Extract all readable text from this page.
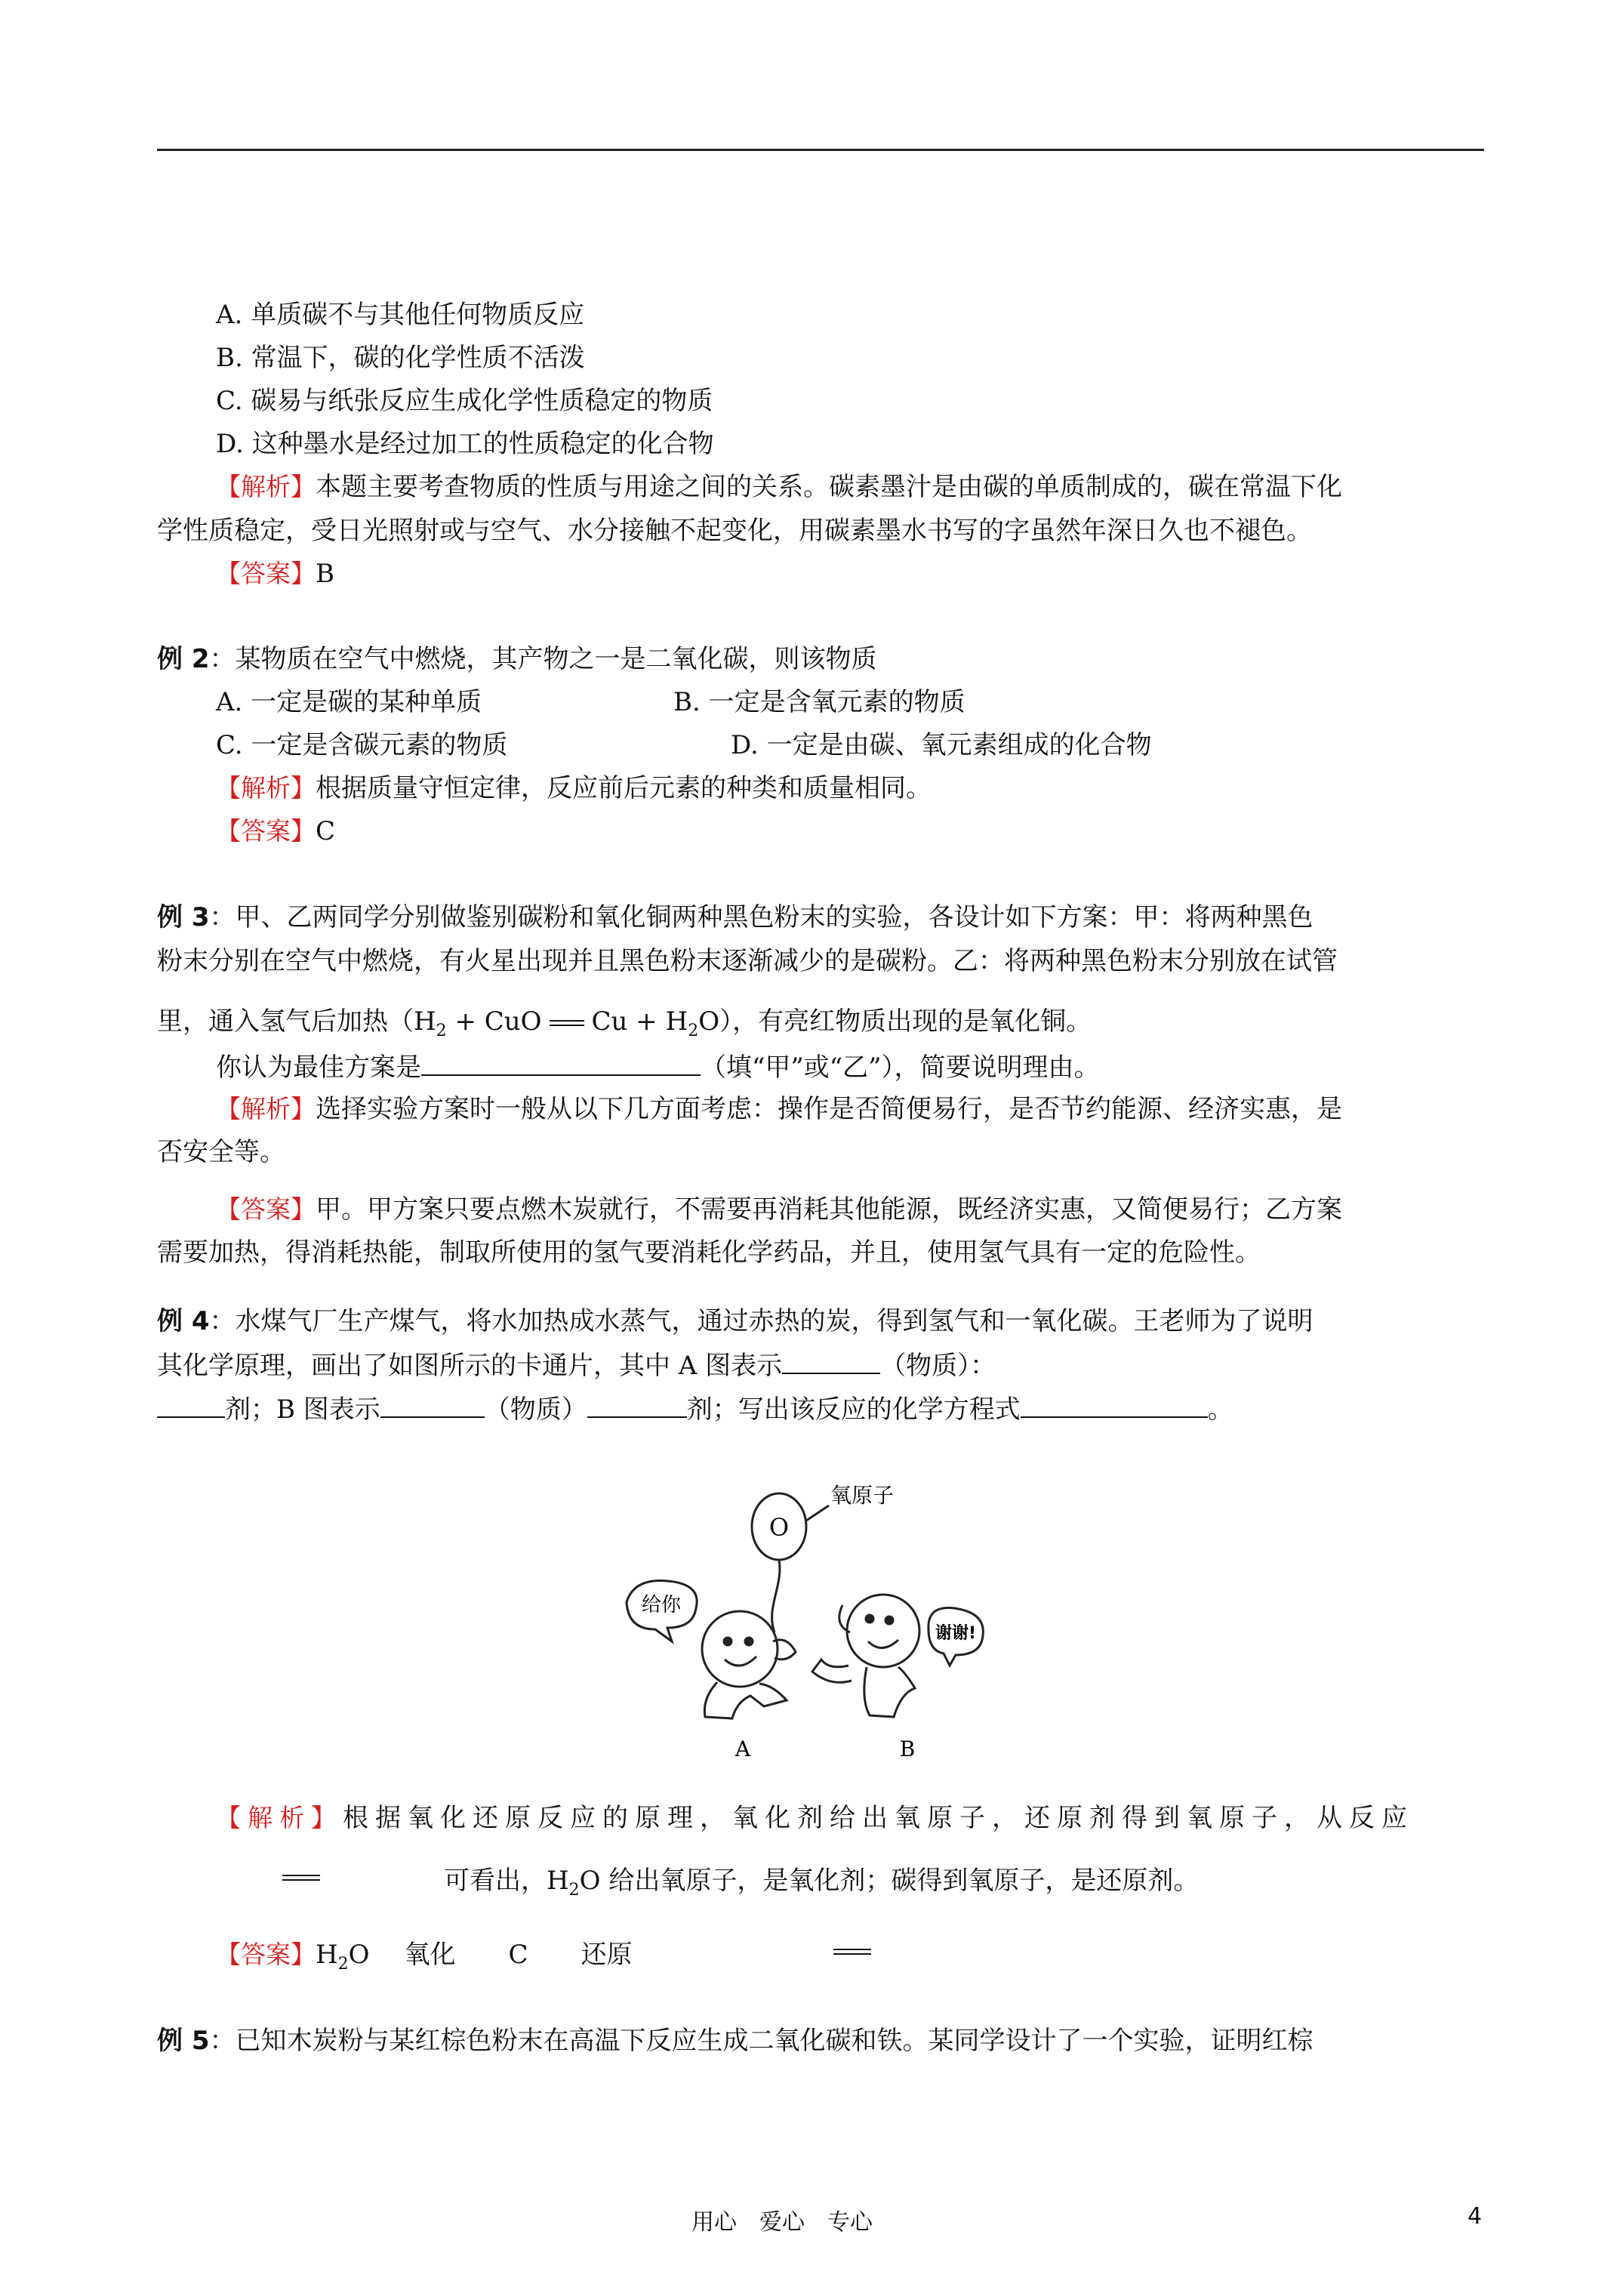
A. 单质碳不与其他任何物质反应
B. 常温下，碳的化学性质不活泼
C. 碳易与纸张反应生成化学性质稳定的物质
D. 这种墨水是经过加工的性质稳定的化合物
【解析】本题主要考查物质的性质与用途之间的关系。碳素墨汁是由碳的单质制成的，碳在常温下化
学性质稳定，受日光照射或与空气、水分接触不起变化，用碳素墨水书写的字虽然年深日久也不褪色。
【答案】B
例 2：某物质在空气中燃烧，其产物之一是二氧化碳，则该物质
A. 一定是碳的某种单质	B. 一定是含氧元素的物质
C. 一定是含碳元素的物质	D. 一定是由碳、氧元素组成的化合物
【解析】根据质量守恒定律，反应前后元素的种类和质量相同。
【答案】C
例 3：甲、乙两同学分别做鉴别碳粉和氧化铜两种黑色粉末的实验，各设计如下方案：甲：将两种黑色
粉末分别在空气中燃烧，有火星出现并且黑色粉末逐渐减少的是碳粉。乙：将两种黑色粉末分别放在试管
里，通入氢气后加热（$H_2$ + CuO $Cu + H_2O$），有亮红物质出现的是氧化铜。
你认为最佳方案是	（填“甲”或“乙”），简要说明理由。
【解析】选择实验方案时一般从以下几方面考虑：操作是否简便易行，是否节约能源、经济实惠，是
否安全等。
【答案】甲。甲方案只要点燃木炭就行，不需要再消耗其他能源，既经济实惠，又简便易行；乙方案
需要加热，得消耗热能，制取所使用的氢气要消耗化学药品，并且，使用氢气具有一定的危险性。
例 4：水煤气厂生产煤气，将水加热成水蒸气，通过赤热的炭，得到氢气和一氧化碳。王老师为了说明
其化学原理，画出了如图所示的卡通片，其中 A 图表示	（物质）：
剂；B 图表示	（物质）	剂；写出该反应的化学方程式	。
O
氧原子
给你
谢谢!
A	B
【解析】根据氧化还原反应的原理，氧化剂给出氧原子，还原剂得到氧原子，从反应
可看出，$H_2O$ 给出氧原子，是氧化剂；碳得到氧原子，是还原剂。
【答案】$H_2O$ 氧化 C 还原
例 5：已知木炭粉与某红棕色粉末在高温下反应生成二氧化碳和铁。某同学设计了一个实验，证明红棕
用心　爱心　专心	4
